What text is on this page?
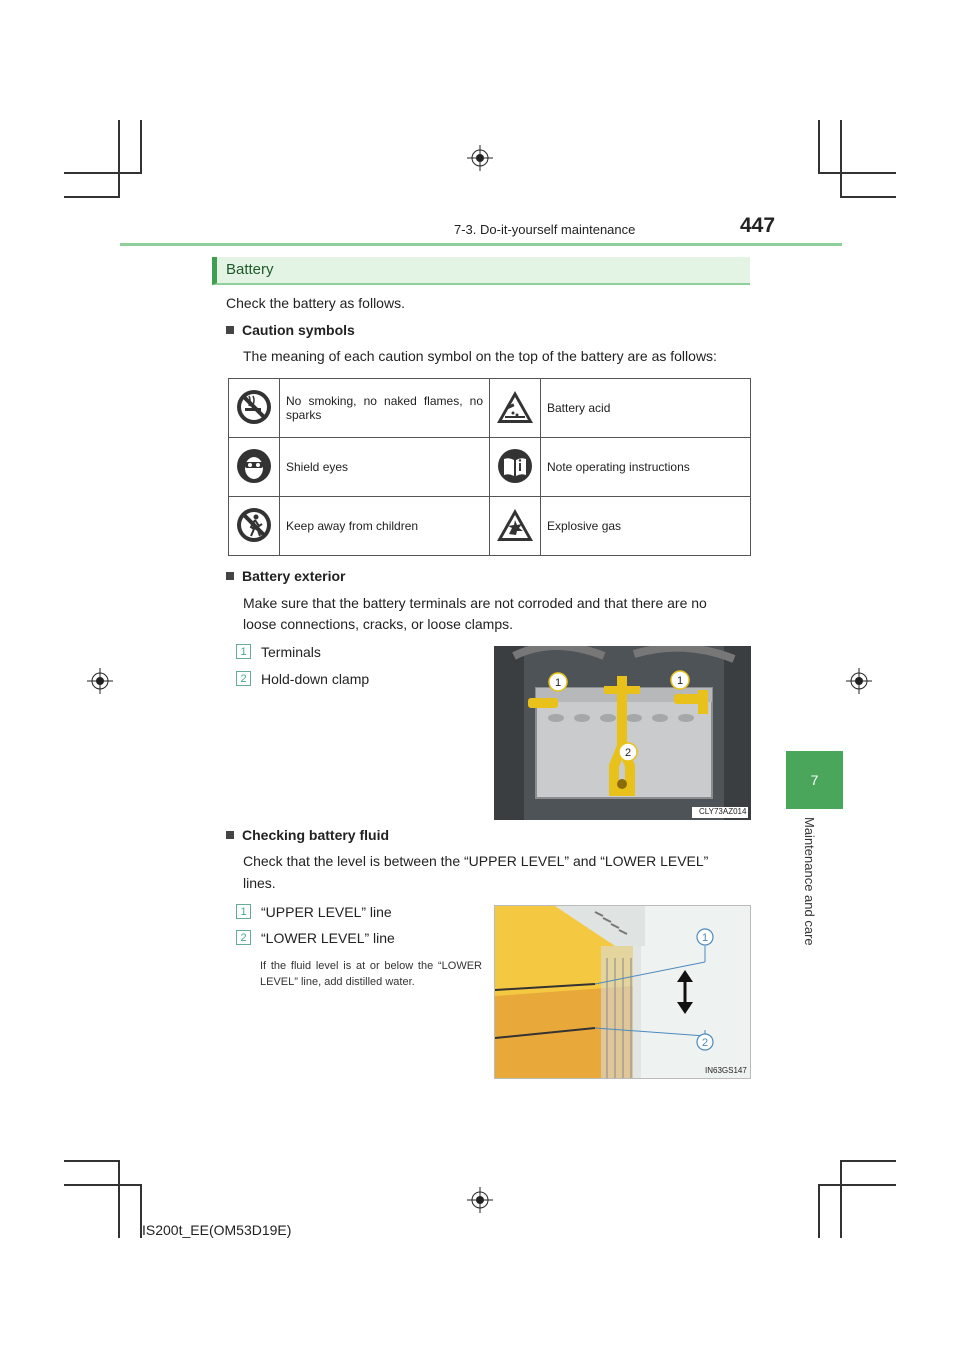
7-3. Do-it-yourself maintenance	447
7
Maintenance and care
Battery
Check the battery as follows.
Caution symbols
The meaning of each caution symbol on the top of the battery are as follows:
	No smoking, no naked flames, no sparks		Battery acid
	Shield eyes		Note operating instructions
	Keep away from children		Explosive gas
Battery exterior
Make sure that the battery terminals are not corroded and that there are no
loose connections, cracks, or loose clamps.
1	Terminals
2	Hold-down clamp	1	1
2
CLY73AZ014
Checking battery fluid
Check that the level is between the “UPPER LEVEL” and “LOWER LEVEL”
lines.
1	“UPPER LEVEL” line
2	“LOWER LEVEL” line
If the fluid level is at or below the “LOWER LEVEL” line, add distilled water.
1
2
IN63GS147
IS200t_EE(OM53D19E)
